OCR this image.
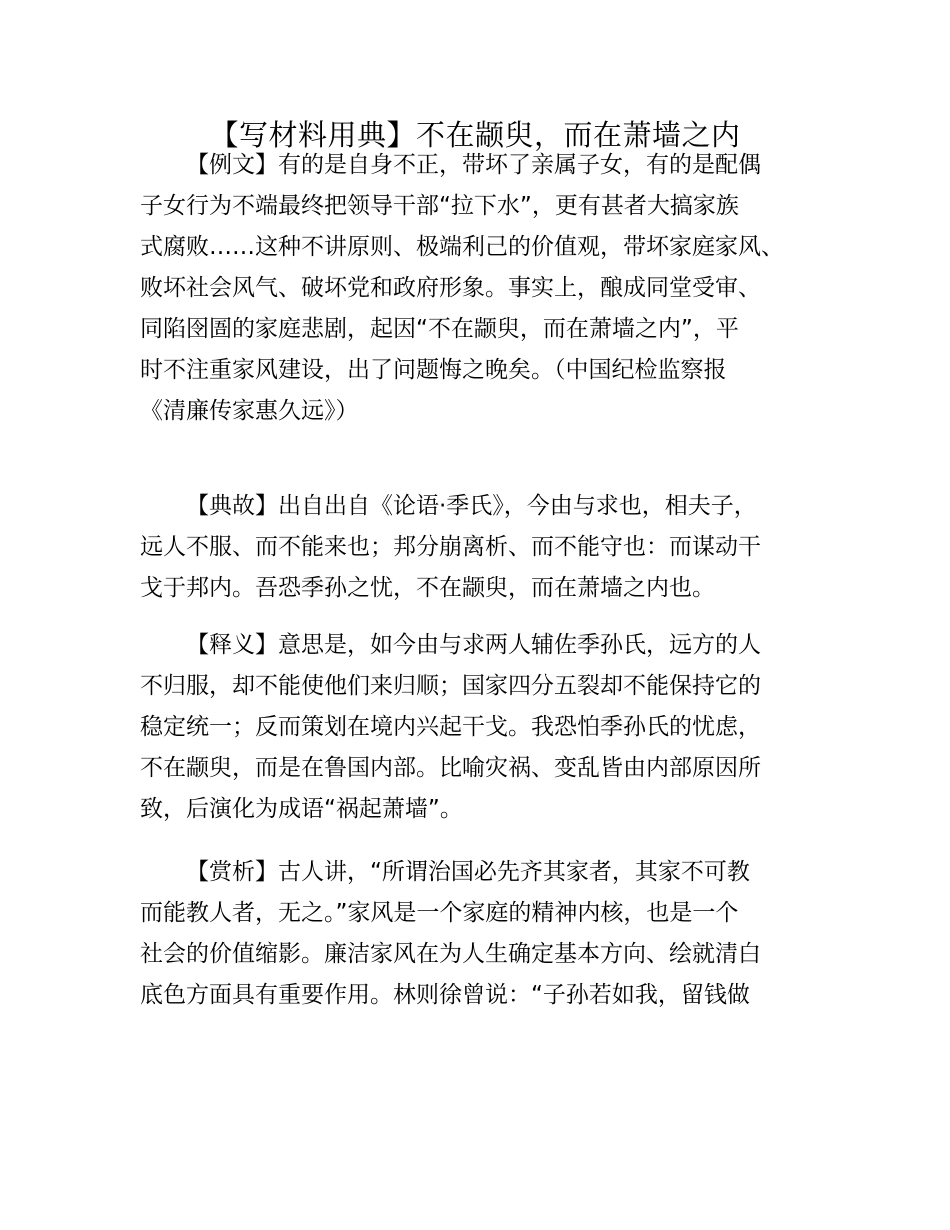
【写材料用典】不在颛臾，而在萧墙之内
【例文】有的是自身不正，带坏了亲属子女，有的是配偶
子女行为不端最终把领导干部“拉下水”，更有甚者大搞家族
式腐败……这种不讲原则、极端利己的价值观，带坏家庭家风、
败坏社会风气、破坏党和政府形象。事实上，酿成同堂受审、
同陷囹圄的家庭悲剧，起因“不在颛臾，而在萧墙之内”，平
时不注重家风建设，出了问题悔之晚矣。（中国纪检监察报
《清廉传家惠久远》）
【典故】出自出自《论语·季氏》，今由与求也，相夫子，
远人不服、而不能来也；邦分崩离析、而不能守也：而谋动干
戈于邦内。吾恐季孙之忧，不在颛臾，而在萧墙之内也。
【释义】意思是，如今由与求两人辅佐季孙氏，远方的人
不归服，却不能使他们来归顺；国家四分五裂却不能保持它的
稳定统一；反而策划在境内兴起干戈。我恐怕季孙氏的忧虑，
不在颛臾，而是在鲁国内部。比喻灾祸、变乱皆由内部原因所
致，后演化为成语“祸起萧墙”。
【赏析】古人讲，“所谓治国必先齐其家者，其家不可教
而能教人者，无之。”家风是一个家庭的精神内核，也是一个
社会的价值缩影。廉洁家风在为人生确定基本方向、绘就清白
底色方面具有重要作用。林则徐曾说：“子孙若如我，留钱做
